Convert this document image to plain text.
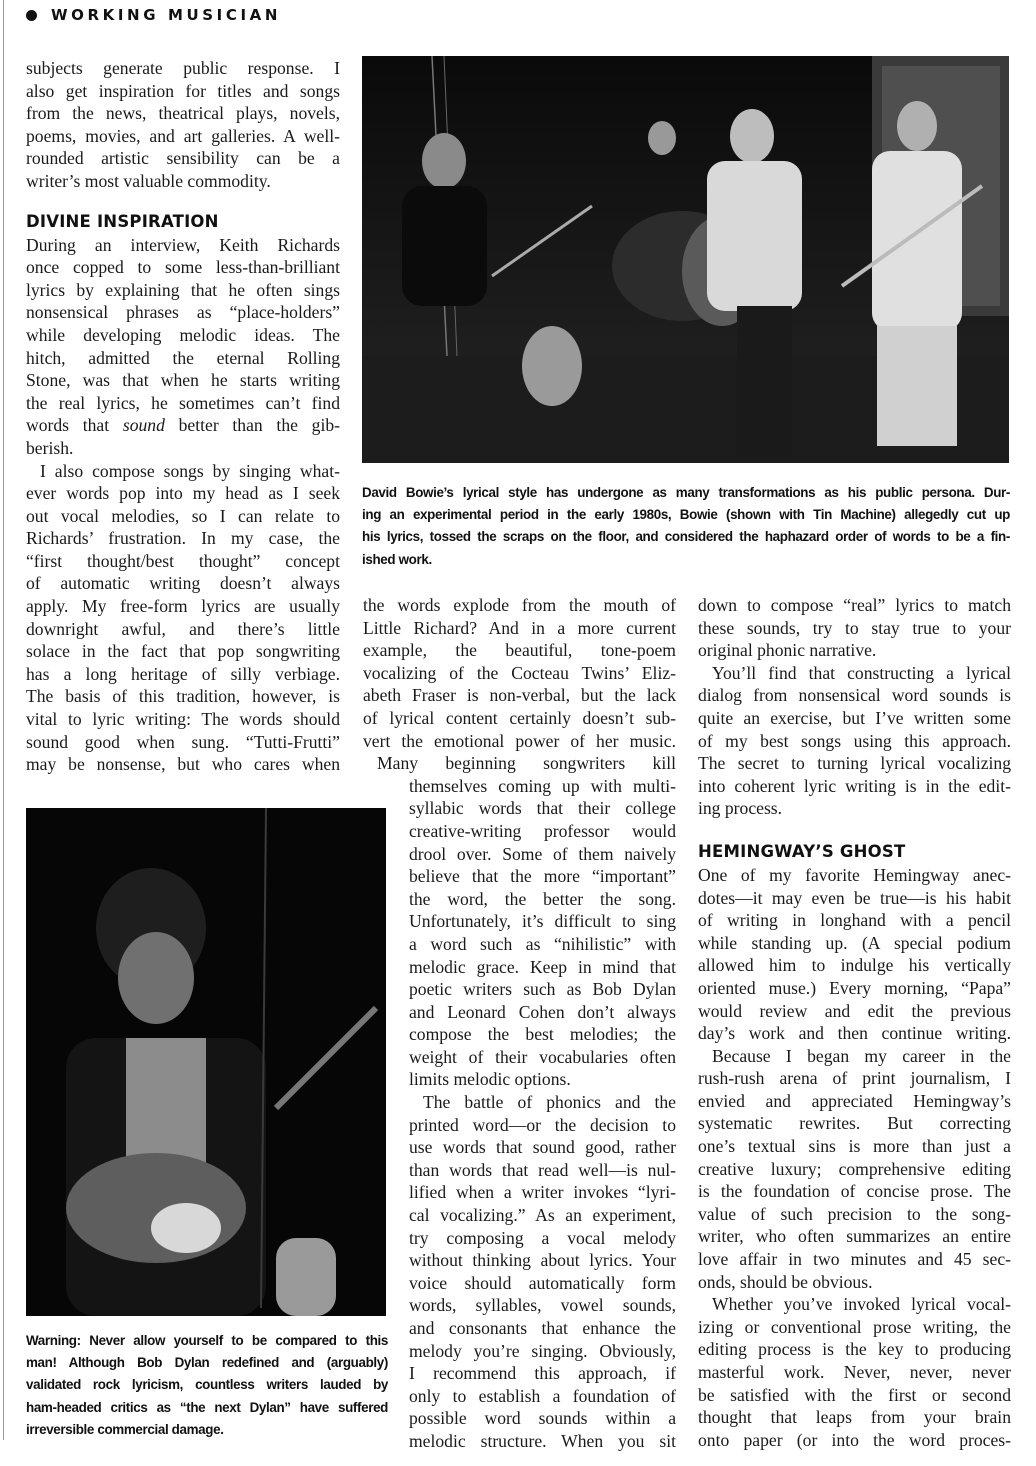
WORKING MUSICIAN

subjects generate public response. I
also get inspiration for titles and songs
from the news, theatrical plays, novels,
poems, movies, and art galleries. A well-
rounded artistic sensibility can be a
writer’s most valuable commodity.

DIVINE INSPIRATION

During an interview, Keith Richards
once copped to some less-than-brilliant
lyrics by explaining that he often sings
nonsensical phrases as “place-holders”
while developing melodic ideas. The
hitch, admitted the eternal Rolling
Stone, was that when he starts writing
the real lyrics, he sometimes can’t find
words that sound better than the gib-
berish.

I also compose songs by singing what-
ever words pop into my head as I seek
out vocal melodies, so I can relate to
Richards’ frustration. In my case, the
“first thought/best thought” concept
of automatic writing doesn’t always
apply. My free-form lyrics are usually
downright awful, and there’s little
solace in the fact that pop songwriting
has a long heritage of silly verbiage.
The basis of this tradition, however, is
vital to lyric writing: The words should
sound good when sung. “Tutti-Frutti”
may be nonsense, but who cares when

David Bowie’s lyrical style has undergone as many transformations as his public persona. Dur-
ing an experimental period in the early 1980s, Bowie (shown with Tin Machine) allegedly cut up
his lyrics, tossed the scraps on the floor, and considered the haphazard order of words to be a fin-
ished work.
Warning: Never allow yourself to be compared to this
man! Although Bob Dylan redefined and (arguably)
validated rock lyricism, countless writers lauded by
ham-headed critics as “the next Dylan” have suffered
irreversible commercial damage.

the words explode from the mouth of
Little Richard? And in a more current
example, the beautiful, tone-poem
vocalizing of the Cocteau Twins’ Eliz-
abeth Fraser is non-verbal, but the lack
of lyrical content certainly doesn’t sub-
vert the emotional power of her music.

Many beginning songwriters kill

themselves coming up with multi-
syllabic words that their college
creative-writing professor would
drool over. Some of them naively
believe that the more “important”
the word, the better the song.
Unfortunately, it’s difficult to sing
a word such as “nihilistic” with
melodic grace. Keep in mind that
poetic writers such as Bob Dylan
and Leonard Cohen don’t always
compose the best melodies; the
weight of their vocabularies often
limits melodic options.

The battle of phonics and the
printed word—or the decision to
use words that sound good, rather
than words that read well—is nul-
lified when a writer invokes “lyri-
cal vocalizing.” As an experiment,
try composing a vocal melody
without thinking about lyrics. Your
voice should automatically form
words, syllables, vowel sounds,
and consonants that enhance the
melody you’re singing. Obviously,
I recommend this approach, if
only to establish a foundation of
possible word sounds within a
melodic structure. When you sit

down to compose “real” lyrics to match
these sounds, try to stay true to your
original phonic narrative.

You’ll find that constructing a lyrical
dialog from nonsensical word sounds is
quite an exercise, but I’ve written some
of my best songs using this approach.
The secret to turning lyrical vocalizing
into coherent lyric writing is in the edit-
ing process.

HEMINGWAY’S GHOST

One of my favorite Hemingway anec-
dotes—it may even be true—is his habit
of writing in longhand with a pencil
while standing up. (A special podium
allowed him to indulge his vertically
oriented muse.) Every morning, “Papa”
would review and edit the previous
day’s work and then continue writing.

Because I began my career in the
rush-rush arena of print journalism, I
envied and appreciated Hemingway’s
systematic rewrites. But correcting
one’s textual sins is more than just a
creative luxury; comprehensive editing
is the foundation of concise prose. The
value of such precision to the song-
writer, who often summarizes an entire
love affair in two minutes and 45 sec-
onds, should be obvious.

Whether you’ve invoked lyrical vocal-
izing or conventional prose writing, the
editing process is the key to producing
masterful work. Never, never, never
be satisfied with the first or second
thought that leaps from your brain
onto paper (or into the word proces-
